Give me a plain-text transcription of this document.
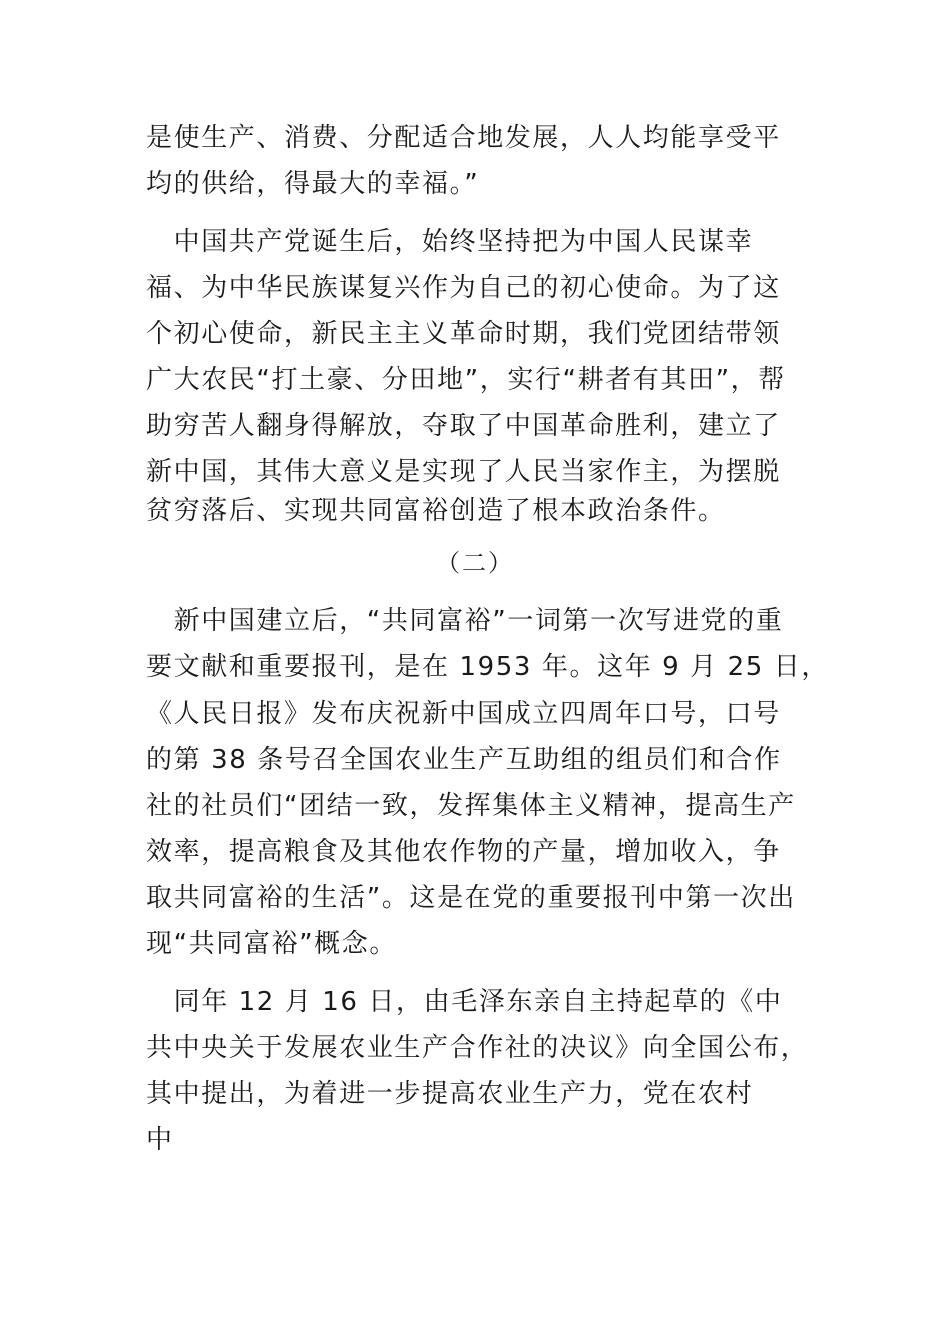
是使生产、消费、分配适合地发展，人人均能享受平
均的供给，得最大的幸福。”
　中国共产党诞生后，始终坚持把为中国人民谋幸
福、为中华民族谋复兴作为自己的初心使命。为了这
个初心使命，新民主主义革命时期，我们党团结带领
广大农民“打土豪、分田地”，实行“耕者有其田”，帮
助穷苦人翻身得解放，夺取了中国革命胜利，建立了
新中国，其伟大意义是实现了人民当家作主，为摆脱
贫穷落后、实现共同富裕创造了根本政治条件。
（二）
　新中国建立后，“共同富裕”一词第一次写进党的重
要文献和重要报刊，是在 1953 年。这年 9 月 25 日，
《人民日报》发布庆祝新中国成立四周年口号，口号
的第 38 条号召全国农业生产互助组的组员们和合作
社的社员们“团结一致，发挥集体主义精神，提高生产
效率，提高粮食及其他农作物的产量，增加收入，争
取共同富裕的生活”。这是在党的重要报刊中第一次出
现“共同富裕”概念。
　同年 12 月 16 日，由毛泽东亲自主持起草的《中
共中央关于发展农业生产合作社的决议》向全国公布，
其中提出，为着进一步提高农业生产力，党在农村
中
